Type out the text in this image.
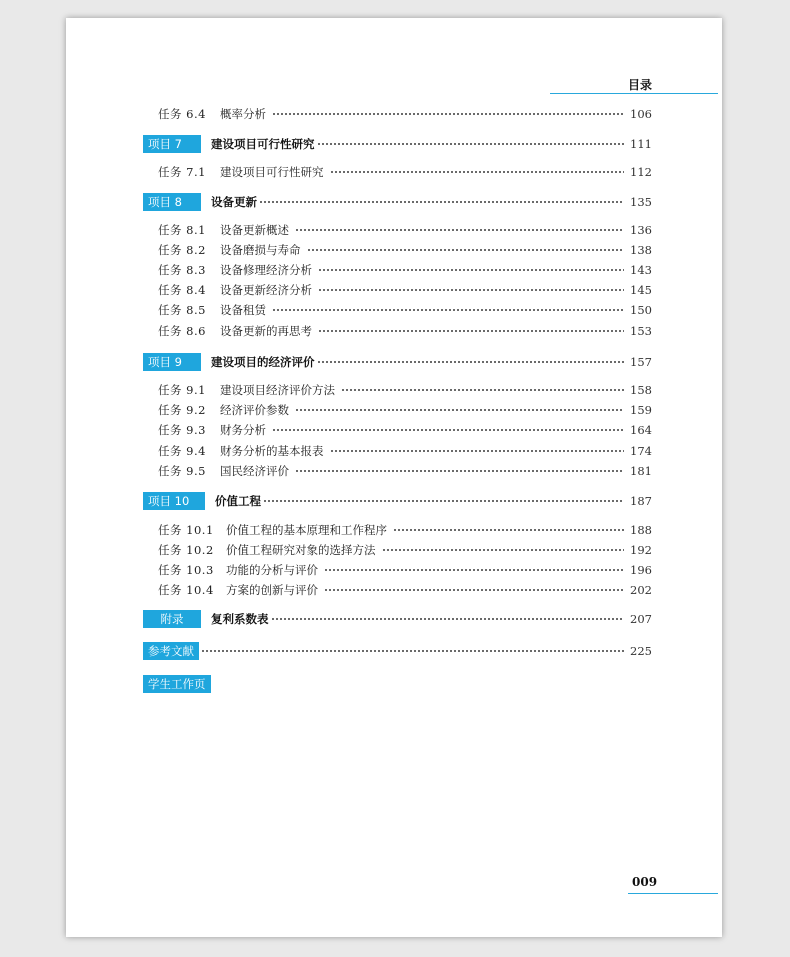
目录
任务 6.4	概率分析	106
项目 7	建设项目可行性研究	111
任务 7.1	建设项目可行性研究	112
项目 8	设备更新	135
任务 8.1	设备更新概述	136
任务 8.2	设备磨损与寿命	138
任务 8.3	设备修理经济分析	143
任务 8.4	设备更新经济分析	145
任务 8.5	设备租赁	150
任务 8.6	设备更新的再思考	153
项目 9	建设项目的经济评价	157
任务 9.1	建设项目经济评价方法	158
任务 9.2	经济评价参数	159
任务 9.3	财务分析	164
任务 9.4	财务分析的基本报表	174
任务 9.5	国民经济评价	181
项目 10	价值工程	187
任务 10.1	价值工程的基本原理和工作程序	188
任务 10.2	价值工程研究对象的选择方法	192
任务 10.3	功能的分析与评价	196
任务 10.4	方案的创新与评价	202
附录	复利系数表	207
参考文献	225
学生工作页
009
